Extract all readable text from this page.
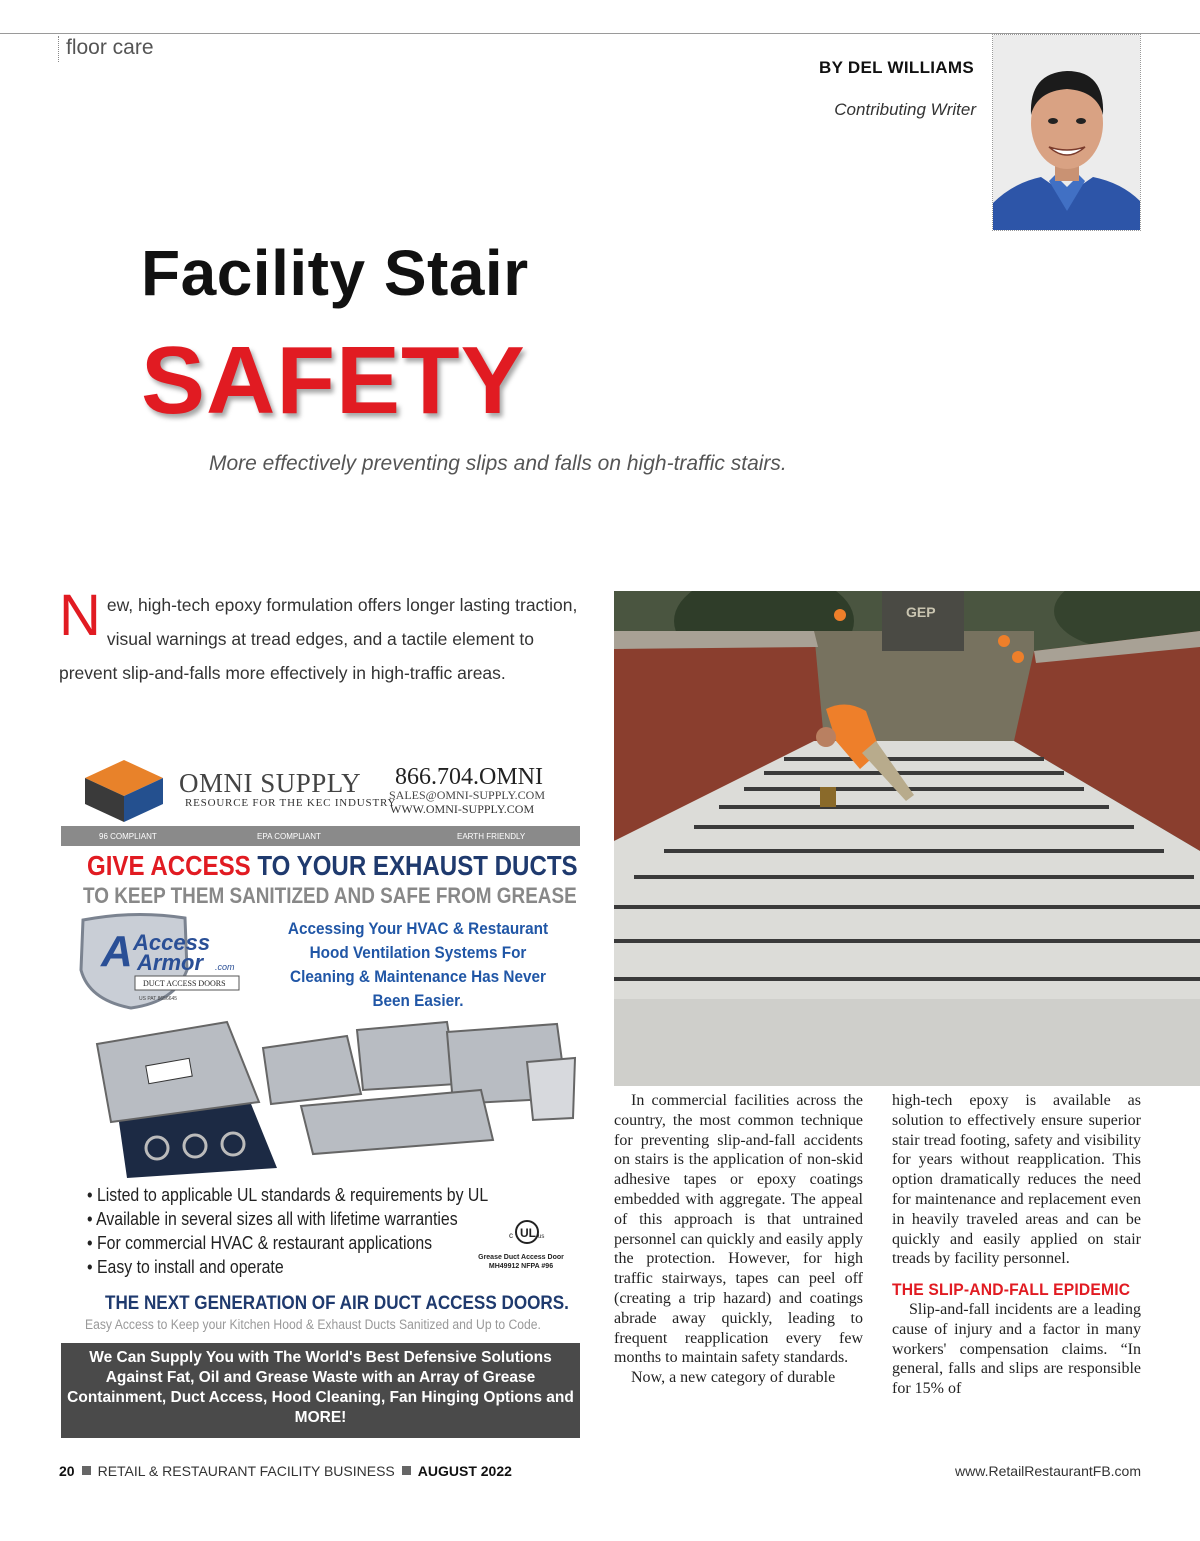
floor care
BY DEL WILLIAMS
Contributing Writer
Facility Stair
SAFETY
More effectively preventing slips and falls on high-traffic stairs.
New, high-tech epoxy formulation offers longer lasting traction, visual warnings at tread edges, and a tactile element to prevent slip-and-falls more effectively in high-traffic areas.
OMNI SUPPLY
RESOURCE FOR THE KEC INDUSTRY
866.704.OMNI
SALES@OMNI-SUPPLY.COM
WWW.OMNI-SUPPLY.COM
96 COMPLIANT	EPA COMPLIANT	EARTH FRIENDLY
GIVE ACCESS TO YOUR EXHAUST DUCTS
TO KEEP THEM SANITIZED AND SAFE FROM GREASE
A Access
Armor .com
DUCT ACCESS DOORS
US PAT 8656645
Accessing Your HVAC & Restaurant Hood Ventilation Systems For Cleaning & Maintenance Has Never Been Easier.
• Listed to applicable UL standards & requirements by UL
• Available in several sizes all with lifetime warranties
• For commercial HVAC & restaurant applications
• Easy to install and operate
UL
c	us
Grease Duct Access Door MH49912 NFPA #96
THE NEXT GENERATION OF AIR DUCT ACCESS DOORS.
Easy Access to Keep your Kitchen Hood & Exhaust Ducts Sanitized and Up to Code.
We Can Supply You with The World's Best Defensive Solutions Against Fat, Oil and Grease Waste with an Array of Grease Containment, Duct Access, Hood Cleaning, Fan Hinging Options and MORE!
GEP

In commercial facilities across the country, the most common technique for preventing slip-and-fall accidents on stairs is the application of non-skid adhesive tapes or epoxy coatings embedded with aggregate. The appeal of this approach is that untrained personnel can quickly and easily apply the protection. However, for high traffic stairways, tapes can peel off (creating a trip hazard) and coatings abrade away quickly, leading to frequent reapplication every few months to maintain safety standards.

Now, a new category of durable

high-tech epoxy is available as solution to effectively ensure superior stair tread footing, safety and visibility for years without reapplication. This option dramatically reduces the need for maintenance and replacement even in heavily traveled areas and can be quickly and easily applied on stair treads by facility personnel.

THE SLIP-AND-FALL EPIDEMIC

Slip-and-fall incidents are a leading cause of injury and a factor in many workers' compensation claims. “In general, falls and slips are responsible for 15% of

20 RETAIL & RESTAURANT FACILITY BUSINESS AUGUST 2022	www.RetailRestaurantFB.com
